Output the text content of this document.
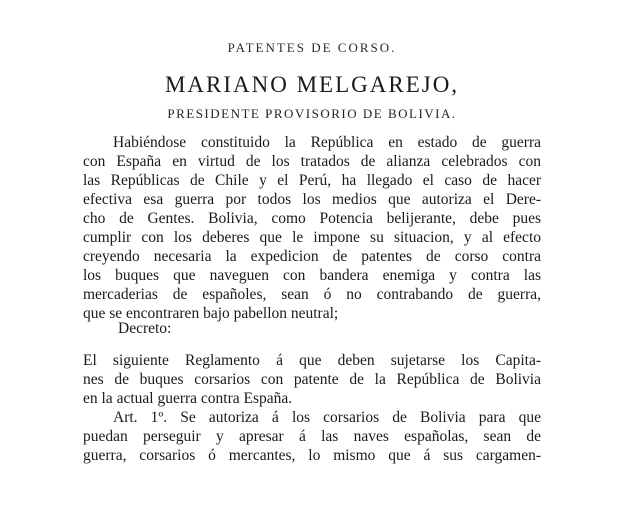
PATENTES DE CORSO.
MARIANO MELGAREJO,
PRESIDENTE PROVISORIO DE BOLIVIA.
Habiéndose constituido la República en estado de guerra
con España en virtud de los tratados de alianza celebrados con
las Repúblicas de Chile y el Perú, ha llegado el caso de hacer
efectiva esa guerra por todos los medios que autoriza el Dere-
cho de Gentes. Bolivia, como Potencia belijerante, debe pues
cumplir con los deberes que le impone su situacion, y al efecto
creyendo necesaria la expedicion de patentes de corso contra
los buques que naveguen con bandera enemiga y contra las
mercaderias de españoles, sean ó no contrabando de guerra,
que se encontraren bajo pabellon neutral;
Decreto:
El siguiente Reglamento á que deben sujetarse los Capita-
nes de buques corsarios con patente de la República de Bolivia
en la actual guerra contra España.
Art. 1º. Se autoriza á los corsarios de Bolivia para que
puedan perseguir y apresar á las naves españolas, sean de
guerra, corsarios ó mercantes, lo mismo que á sus cargamen-
